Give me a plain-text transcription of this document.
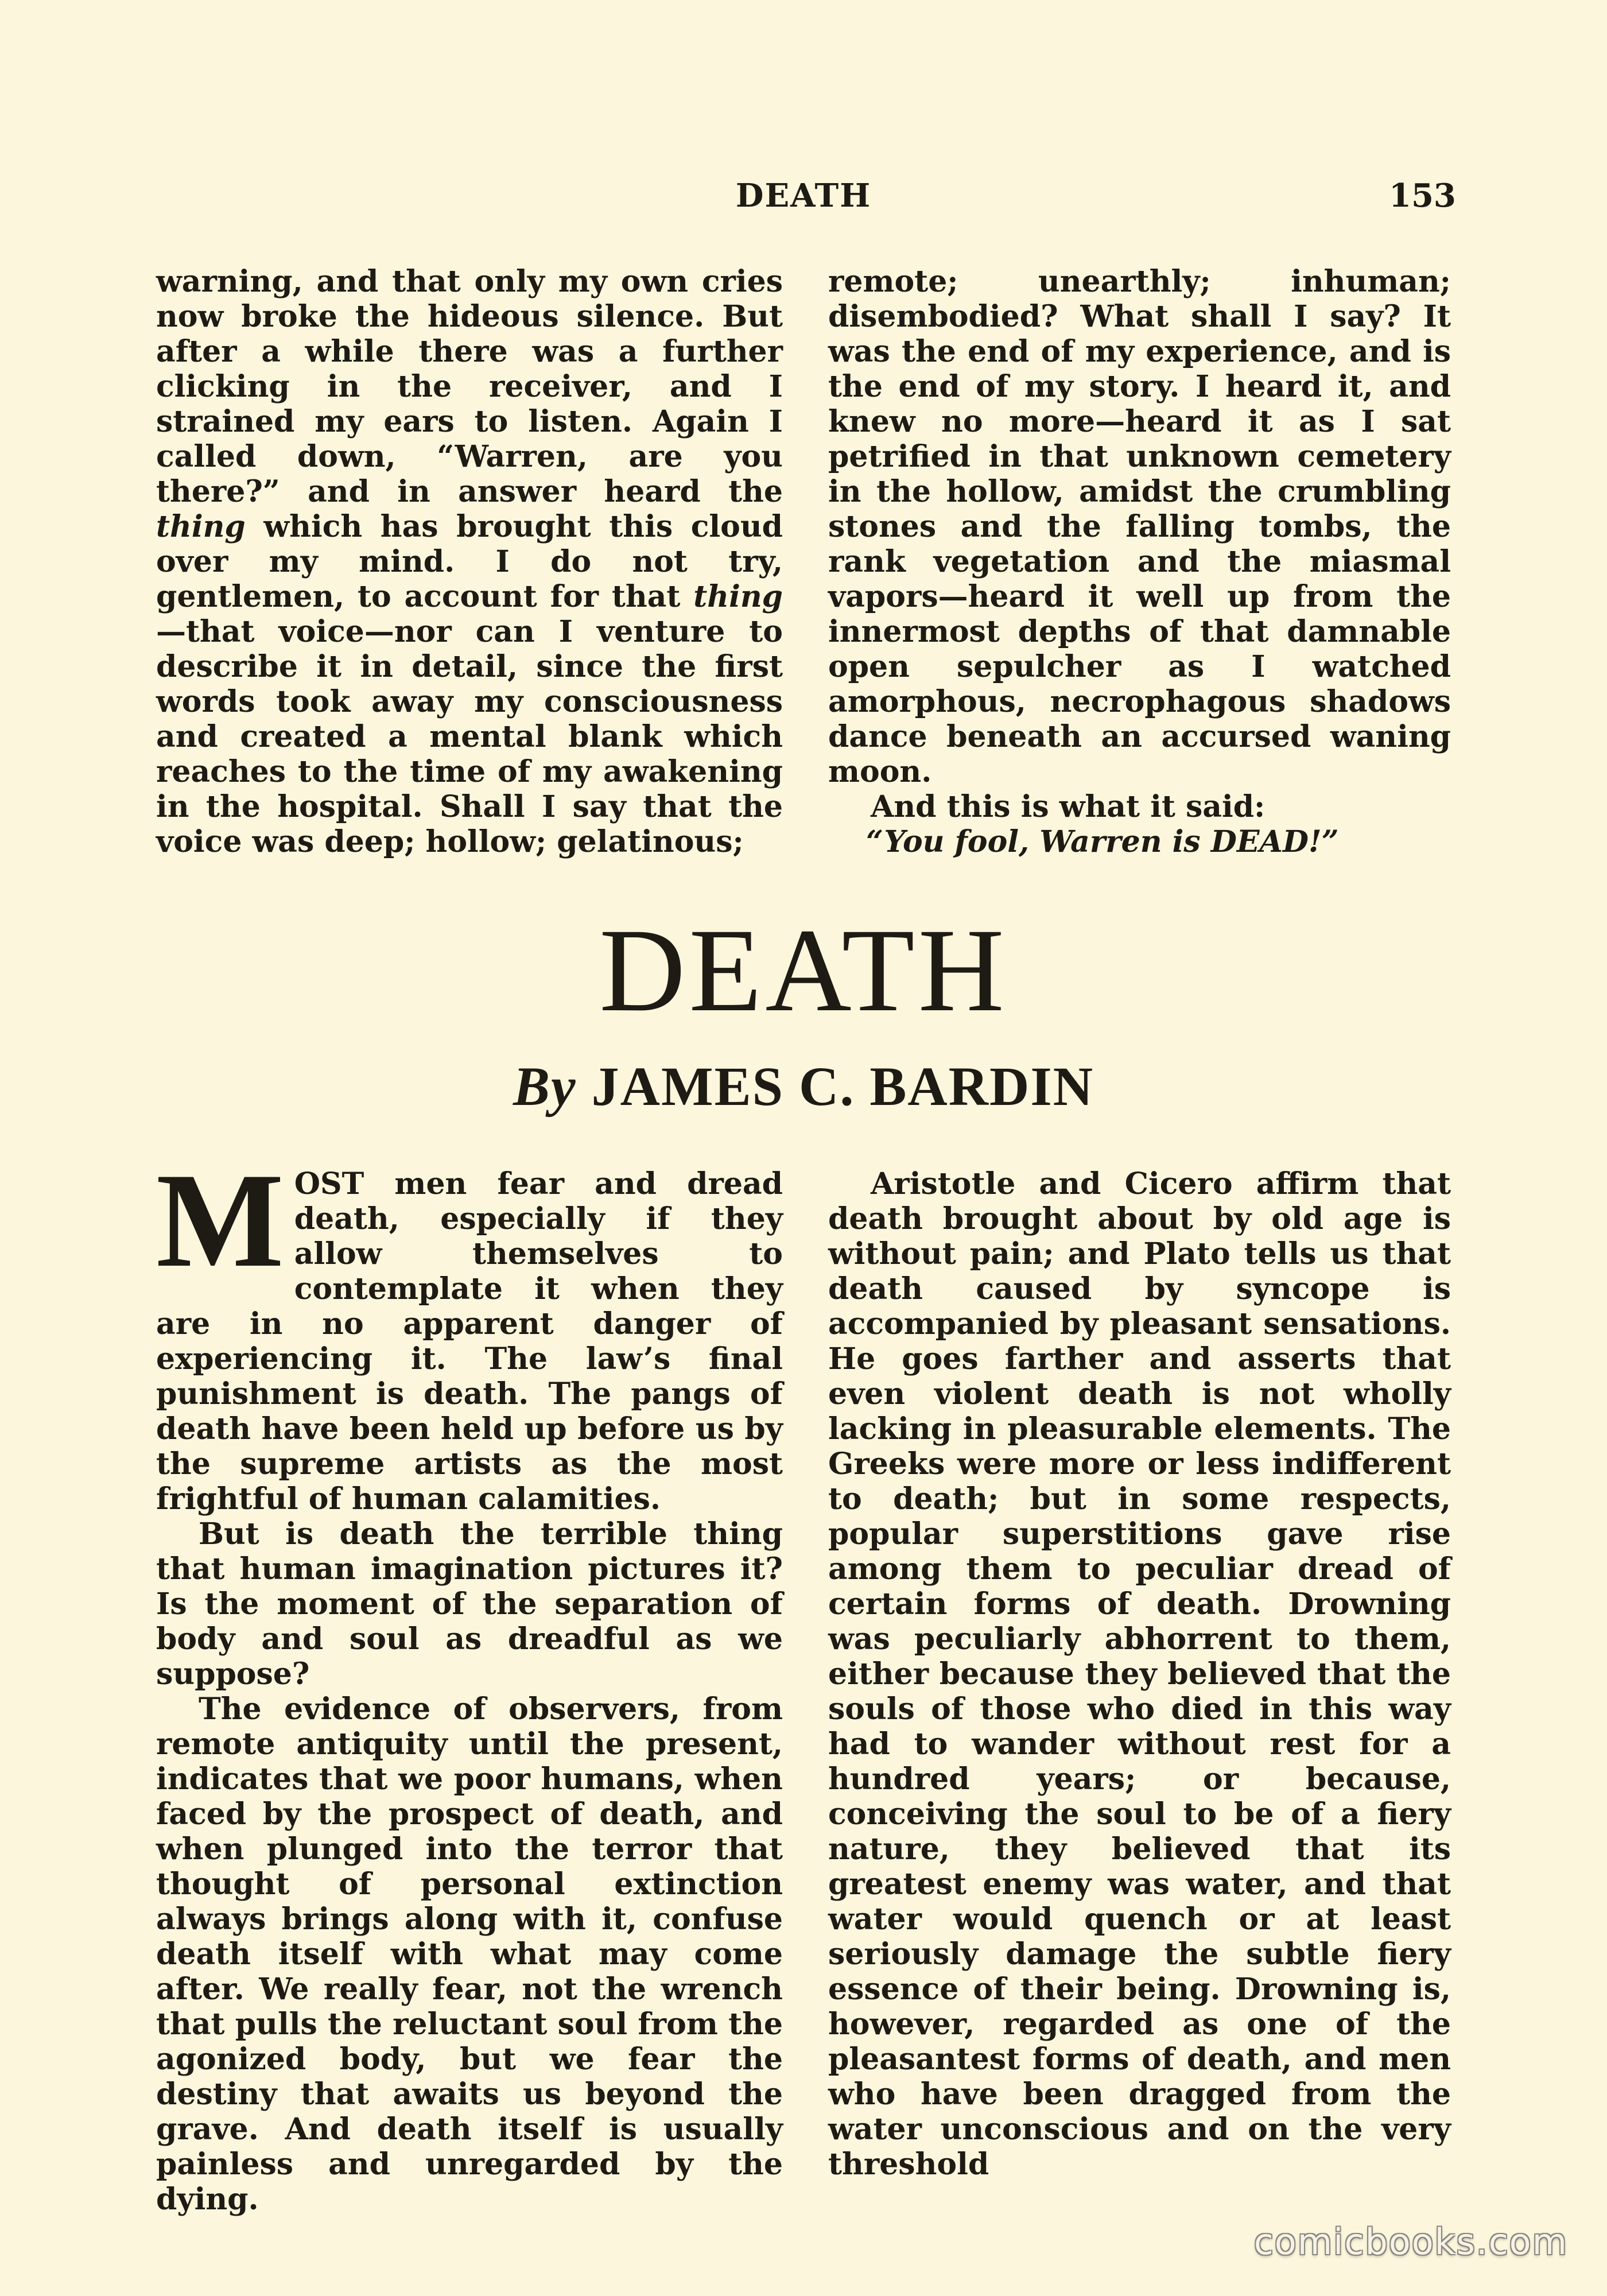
DEATH	153

warning, and that only my own cries now broke the hideous silence. But after a while there was a further clicking in the receiver, and I strained my ears to listen. Again I called down, “Warren, are you there?” and in answer heard the thing which has brought this cloud over my mind. I do not try, gentlemen, to account for that thing—that voice—nor can I venture to describe it in detail, since the first words took away my consciousness and created a mental blank which reaches to the time of my awakening in the hospital. Shall I say that the voice was deep; hollow; gelatinous;

remote; unearthly; inhuman; disembodied? What shall I say? It was the end of my experience, and is the end of my story. I heard it, and knew no more—heard it as I sat petrified in that unknown cemetery in the hollow, amidst the crumbling stones and the falling tombs, the rank vegetation and the miasmal vapors—heard it well up from the innermost depths of that damnable open sepulcher as I watched amorphous, necrophagous shadows dance beneath an accursed waning moon.

And this is what it said:

“You fool, Warren is DEAD!”

DEATH
By JAMES C. BARDIN

MOST men fear and dread death, especially if they allow themselves to contemplate it when they are in no apparent danger of experiencing it. The law’s final punishment is death. The pangs of death have been held up before us by the supreme artists as the most frightful of human calamities.

But is death the terrible thing that human imagination pictures it? Is the moment of the separation of body and soul as dreadful as we suppose?

The evidence of observers, from remote antiquity until the present, indicates that we poor humans, when faced by the prospect of death, and when plunged into the terror that thought of personal extinction always brings along with it, confuse death itself with what may come after. We really fear, not the wrench that pulls the reluctant soul from the agonized body, but we fear the destiny that awaits us beyond the grave. And death itself is usually painless and unregarded by the dying.

Aristotle and Cicero affirm that death brought about by old age is without pain; and Plato tells us that death caused by syncope is accompanied by pleasant sensations. He goes farther and asserts that even violent death is not wholly lacking in pleasurable elements. The Greeks were more or less indifferent to death; but in some respects, popular superstitions gave rise among them to peculiar dread of certain forms of death. Drowning was peculiarly abhorrent to them, either because they believed that the souls of those who died in this way had to wander without rest for a hundred years; or because, conceiving the soul to be of a fiery nature, they believed that its greatest enemy was water, and that water would quench or at least seriously damage the subtle fiery essence of their being. Drowning is, however, regarded as one of the pleasantest forms of death, and men who have been dragged from the water unconscious and on the very threshold

comicbooks.com
